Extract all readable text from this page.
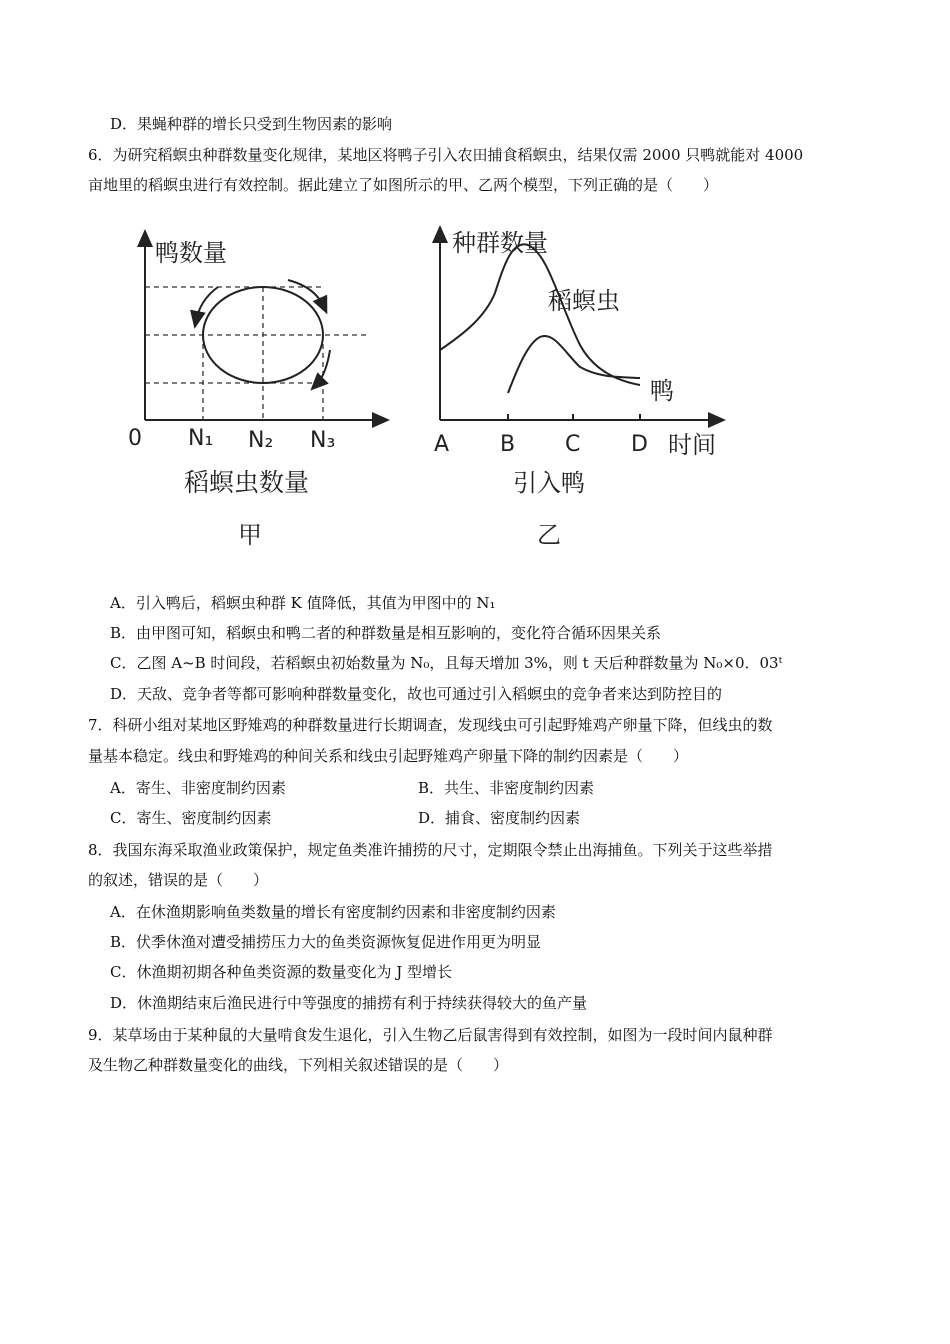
D．果蝇种群的增长只受到生物因素的影响
6．为研究稻螟虫种群数量变化规律，某地区将鸭子引入农田捕食稻螟虫，结果仅需 2000 只鸭就能对 4000
亩地里的稻螟虫进行有效控制。据此建立了如图所示的甲、乙两个模型，下列正确的是（　　）
鸭数量
0 N₁ N₂ N₃
稻螟虫数量
甲
种群数量
稻螟虫
鸭
A B C D 时间
引入鸭
乙
A．引入鸭后，稻螟虫种群 K 值降低，其值为甲图中的 N₁
B．由甲图可知，稻螟虫和鸭二者的种群数量是相互影响的，变化符合循环因果关系
C．乙图 A~B 时间段，若稻螟虫初始数量为 N₀，且每天增加 3%，则 t 天后种群数量为 N₀×0．03ᵗ
D．天敌、竞争者等都可影响种群数量变化，故也可通过引入稻螟虫的竞争者来达到防控目的
7．科研小组对某地区野雉鸡的种群数量进行长期调查，发现线虫可引起野雉鸡产卵量下降，但线虫的数
量基本稳定。线虫和野雉鸡的种间关系和线虫引起野雉鸡产卵量下降的制约因素是（　　）
A．寄生、非密度制约因素	B．共生、非密度制约因素
C．寄生、密度制约因素	D．捕食、密度制约因素
8．我国东海采取渔业政策保护，规定鱼类准许捕捞的尺寸，定期限令禁止出海捕鱼。下列关于这些举措
的叙述，错误的是（　　）
A．在休渔期影响鱼类数量的增长有密度制约因素和非密度制约因素
B．伏季休渔对遭受捕捞压力大的鱼类资源恢复促进作用更为明显
C．休渔期初期各种鱼类资源的数量变化为 J 型增长
D．休渔期结束后渔民进行中等强度的捕捞有利于持续获得较大的鱼产量
9．某草场由于某种鼠的大量啃食发生退化，引入生物乙后鼠害得到有效控制，如图为一段时间内鼠种群
及生物乙种群数量变化的曲线，下列相关叙述错误的是（　　）
